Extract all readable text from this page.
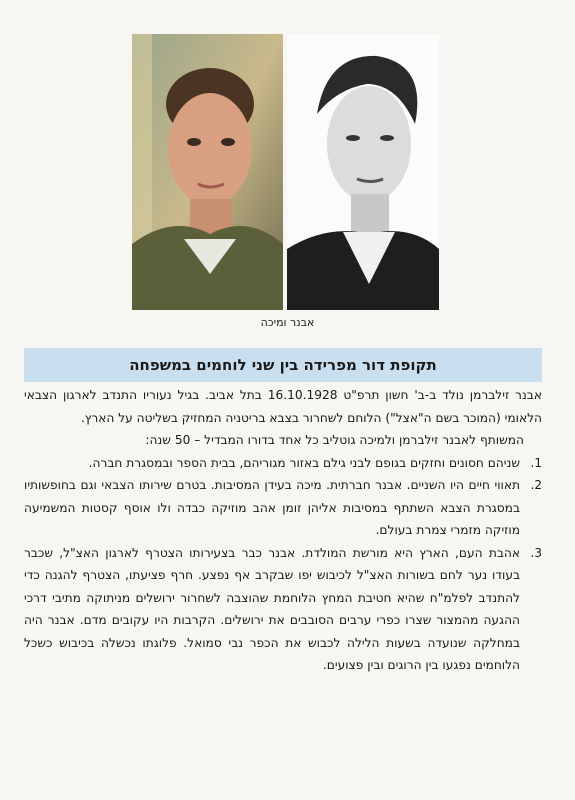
אבנר ומיכה
תקופת דור מפרידה בין שני לוחמים במשפחה

אבנר זילברמן נולד ב-ב' חשון תרפ"ט 16.10.1928 בתל אביב. בגיל נעוריו התנדב לארגון הצבאי הלאומי (המוכר בשם ה"אצל") הלוחם לשחרור בצבא בריטניה המחזיק בשליטה על הארץ.

המשותף לאבנר זילברמן ולמיכה גוטליב כל אחד בדורו המבדיל – 50 שנה:

1.
שניהם חסונים וחזקים בגופם לבני גילם באזור מגוריהם, בבית הספר ובמסגרת חברה.
2.
תאווי חיים היו השניים. אבנר חברתית. מיכה בעידן המסיבות. בטרם שירותו הצבאי וגם בחופשותיו במסגרת הצבא השתתף במסיבות אליהן זומן אהב מוזיקה כבדה ולו אוסף קסטות המשמיעה מוזיקה מזמרי צמרת בעולם.
3.
אהבת העם, הארץ היא מורשת המולדת. אבנר כבר בצעירותו הצטרף לארגון האצ"ל, שכבר בעודו נער לחם בשורות האצ"ל לכיבוש יפו שבקרב אף נפצע. חרף פציעתו, הצטרף להגנה כדי להתנדב לפלמ"ח שהיא חטיבת המחץ הלוחמת שהוצבה לשחרור ירושלים מניתוקה מתיבי דרכי ההגעה מהמצור שצרו כפרי ערבים הסובבים את ירושלים. הקרבות היו עקובים מדם. אבנר היה במחלקה שנועדה בשעות הלילה לכבוש את הכפר נבי סמואל. פלוגתו נכשלה בכיבוש כשכל הלוחמים נפגעו בין הרוגים ובין פצועים.
